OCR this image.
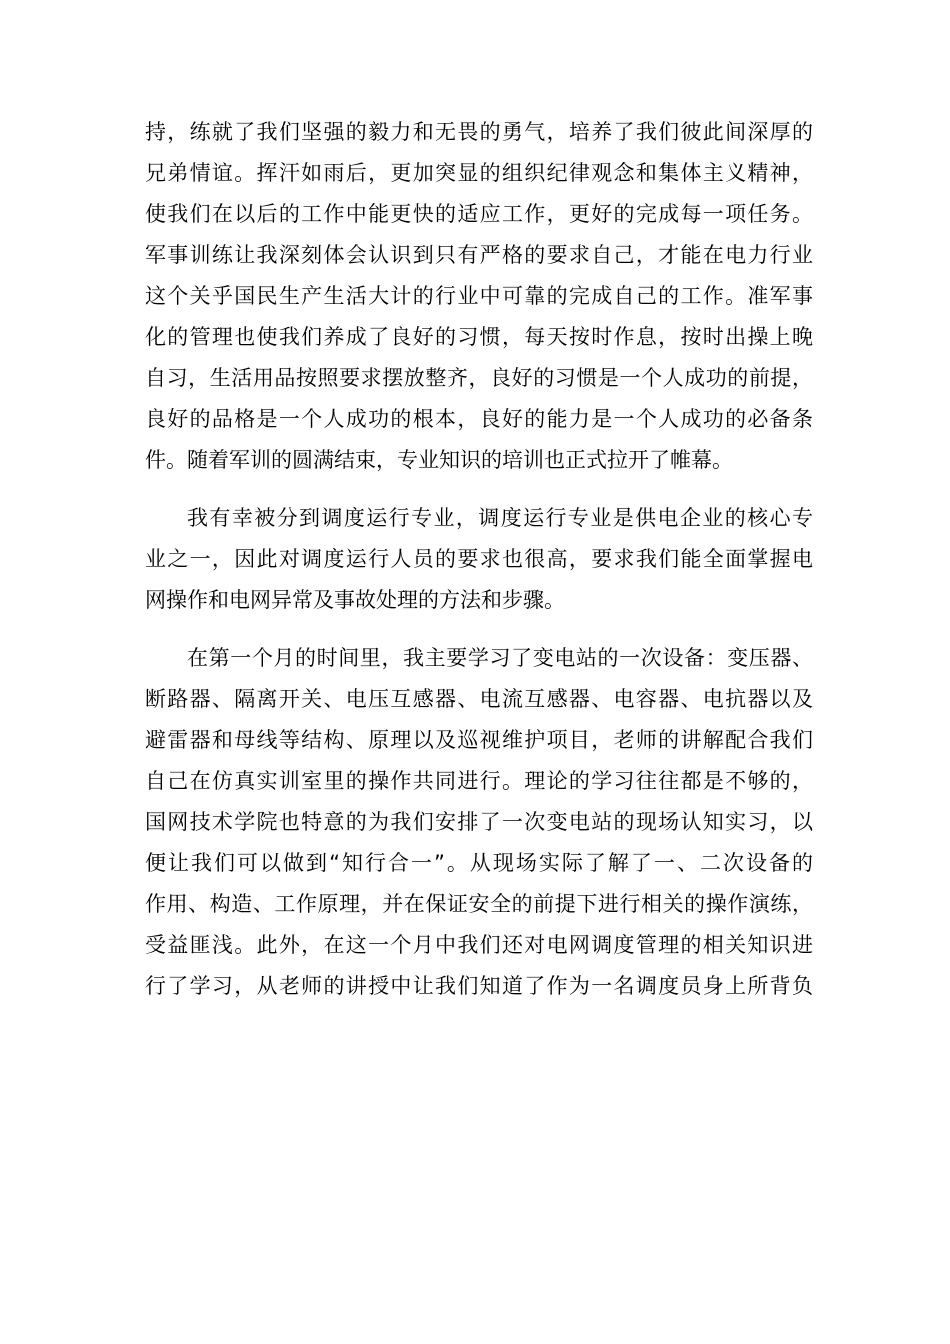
持，练就了我们坚强的毅力和无畏的勇气，培养了我们彼此间深厚的
兄弟情谊。挥汗如雨后，更加突显的组织纪律观念和集体主义精神，
使我们在以后的工作中能更快的适应工作，更好的完成每一项任务。
军事训练让我深刻体会认识到只有严格的要求自己，才能在电力行业
这个关乎国民生产生活大计的行业中可靠的完成自己的工作。准军事
化的管理也使我们养成了良好的习惯，每天按时作息，按时出操上晚
自习，生活用品按照要求摆放整齐，良好的习惯是一个人成功的前提，
良好的品格是一个人成功的根本，良好的能力是一个人成功的必备条
件。随着军训的圆满结束，专业知识的培训也正式拉开了帷幕。
我有幸被分到调度运行专业，调度运行专业是供电企业的核心专
业之一，因此对调度运行人员的要求也很高，要求我们能全面掌握电
网操作和电网异常及事故处理的方法和步骤。
在第一个月的时间里，我主要学习了变电站的一次设备：变压器、
断路器、隔离开关、电压互感器、电流互感器、电容器、电抗器以及
避雷器和母线等结构、原理以及巡视维护项目，老师的讲解配合我们
自己在仿真实训室里的操作共同进行。理论的学习往往都是不够的，
国网技术学院也特意的为我们安排了一次变电站的现场认知实习，以
便让我们可以做到“知行合一”。从现场实际了解了一、二次设备的
作用、构造、工作原理，并在保证安全的前提下进行相关的操作演练，
受益匪浅。此外，在这一个月中我们还对电网调度管理的相关知识进
行了学习，从老师的讲授中让我们知道了作为一名调度员身上所背负
